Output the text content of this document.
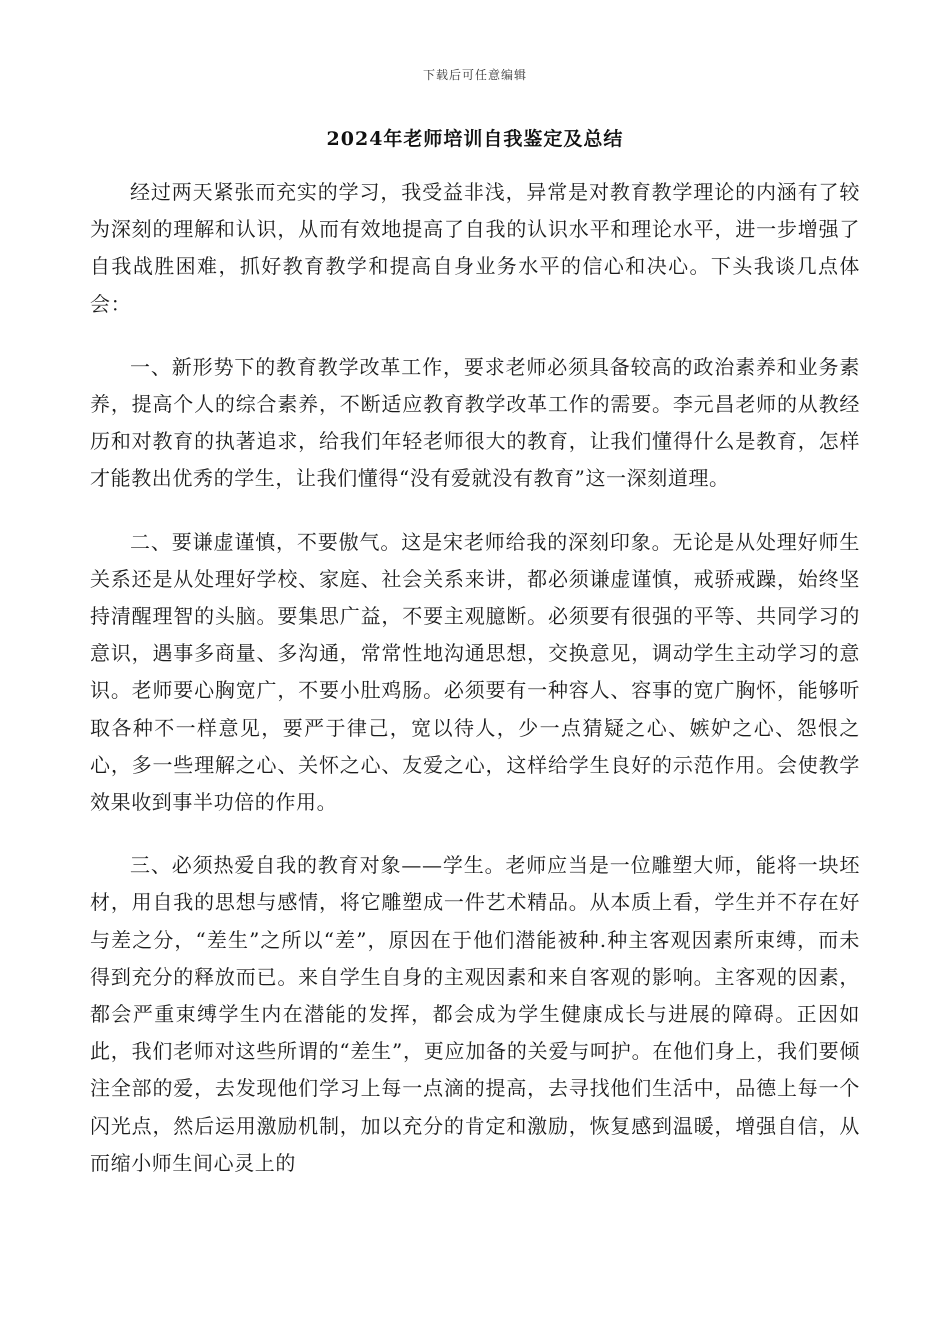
下载后可任意编辑
2024年老师培训自我鉴定及总结

经过两天紧张而充实的学习，我受益非浅，异常是对教育教学理论的内涵有了较为深刻的理解和认识，从而有效地提高了自我的认识水平和理论水平，进一步增强了自我战胜困难，抓好教育教学和提高自身业务水平的信心和决心。下头我谈几点体会：

一、新形势下的教育教学改革工作，要求老师必须具备较高的政治素养和业务素养，提高个人的综合素养，不断适应教育教学改革工作的需要。李元昌老师的从教经历和对教育的执著追求，给我们年轻老师很大的教育，让我们懂得什么是教育，怎样才能教出优秀的学生，让我们懂得“没有爱就没有教育”这一深刻道理。

二、要谦虚谨慎，不要傲气。这是宋老师给我的深刻印象。无论是从处理好师生关系还是从处理好学校、家庭、社会关系来讲，都必须谦虚谨慎，戒骄戒躁，始终坚持清醒理智的头脑。要集思广益，不要主观臆断。必须要有很强的平等、共同学习的意识，遇事多商量、多沟通，常常性地沟通思想，交换意见，调动学生主动学习的意识。老师要心胸宽广，不要小肚鸡肠。必须要有一种容人、容事的宽广胸怀，能够听取各种不一样意见，要严于律己，宽以待人，少一点猜疑之心、嫉妒之心、怨恨之心，多一些理解之心、关怀之心、友爱之心，这样给学生良好的示范作用。会使教学效果收到事半功倍的作用。

三、必须热爱自我的教育对象——学生。老师应当是一位雕塑大师，能将一块坯材，用自我的思想与感情，将它雕塑成一件艺术精品。从本质上看，学生并不存在好与差之分，“差生”之所以“差”，原因在于他们潜能被种.种主客观因素所束缚，而未得到充分的释放而已。来自学生自身的主观因素和来自客观的影响。主客观的因素，都会严重束缚学生内在潜能的发挥，都会成为学生健康成长与进展的障碍。正因如此，我们老师对这些所谓的“差生”，更应加备的关爱与呵护。在他们身上，我们要倾注全部的爱，去发现他们学习上每一点滴的提高，去寻找他们生活中，品德上每一个闪光点，然后运用激励机制，加以充分的肯定和激励，恢复感到温暖，增强自信，从而缩小师生间心灵上的
